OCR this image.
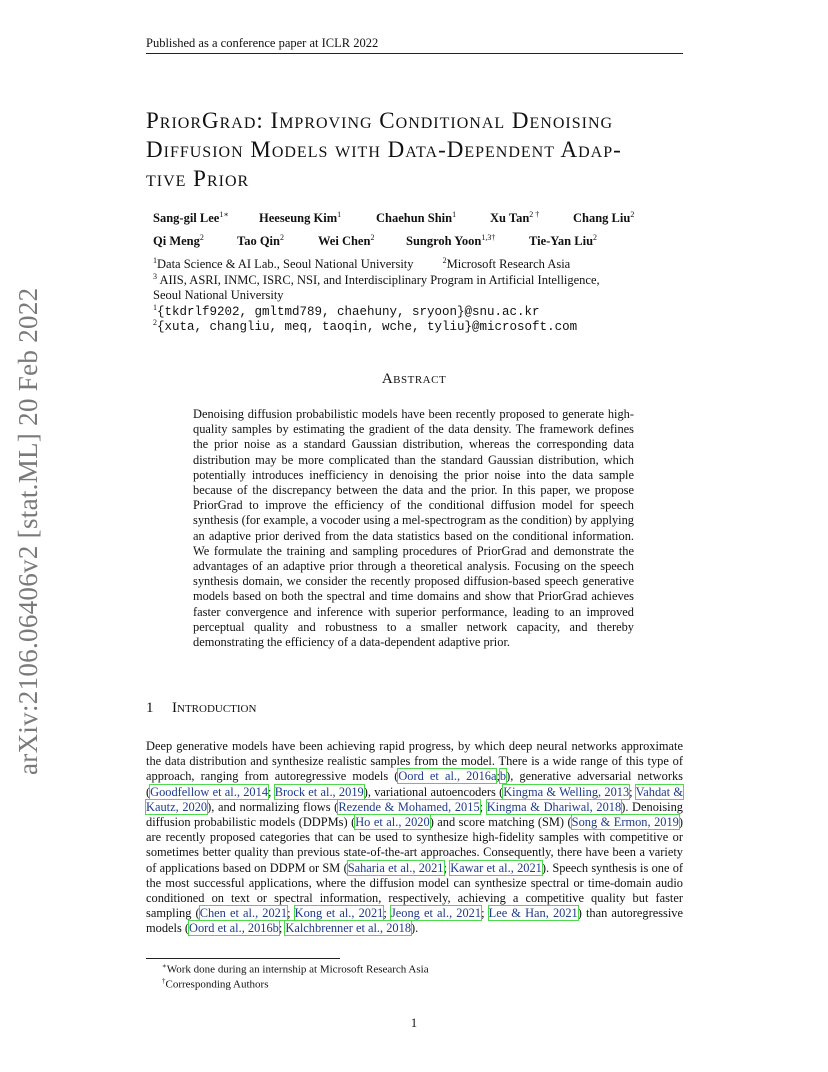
arXiv:2106.06406v2 [stat.ML] 20 Feb 2022
Published as a conference paper at ICLR 2022
PriorGrad: Improving Conditional Denoising
Diffusion Models with Data-Dependent Adap-
tive Prior
Sang-gil Lee$^{1∗}$ Heeseung Kim$^1$	Chaehun Shin$^1$	Xu Tan$^{2 \dagger}$	Chang Liu$^2$
Qi Meng$^2$	Tao Qin$^2$	Wei Chen$^2$	Sungroh Yoon$^{1,3\dagger}$	Tie-Yan Liu$^2$
$^1$Data Science & AI Lab., Seoul National University	$^2$Microsoft Research Asia
$^3$ AIIS, ASRI, INMC, ISRC, NSI, and Interdisciplinary Program in Artificial Intelligence,
Seoul National University
$^1${tkdrlf9202, gmltmd789, chaehuny, sryoon}@snu.ac.kr
$^2${xuta, changliu, meq, taoqin, wche, tyliu}@microsoft.com
Abstract
Denoising diffusion probabilistic models have been recently proposed to generate high-quality samples by estimating the gradient of the data density. The framework defines the prior noise as a standard Gaussian distribution, whereas the corresponding data distribution may be more complicated than the standard Gaussian distribution, which potentially introduces inefficiency in denoising the prior noise into the data sample because of the discrepancy between the data and the prior. In this paper, we propose PriorGrad to improve the efficiency of the conditional diffusion model for speech synthesis (for example, a vocoder using a mel-spectrogram as the condition) by applying an adaptive prior derived from the data statistics based on the conditional information. We formulate the training and sampling procedures of PriorGrad and demonstrate the advantages of an adaptive prior through a theoretical analysis. Focusing on the speech synthesis domain, we consider the recently proposed diffusion-based speech generative models based on both the spectral and time domains and show that PriorGrad achieves faster convergence and inference with superior performance, leading to an improved perceptual quality and robustness to a smaller network capacity, and thereby demonstrating the efficiency of a data-dependent adaptive prior.
1 Introduction
Deep generative models have been achieving rapid progress, by which deep neural networks approximate the data distribution and synthesize realistic samples from the model. There is a wide range of this type of approach, ranging from autoregressive models (Oord et al., 2016a;b), generative adversarial networks (Goodfellow et al., 2014; Brock et al., 2019), variational autoencoders (Kingma & Welling, 2013; Vahdat & Kautz, 2020), and normalizing flows (Rezende & Mohamed, 2015; Kingma & Dhariwal, 2018). Denoising diffusion probabilistic models (DDPMs) (Ho et al., 2020) and score matching (SM) (Song & Ermon, 2019) are recently proposed categories that can be used to synthesize high-fidelity samples with competitive or sometimes better quality than previous state-of-the-art approaches. Consequently, there have been a variety of applications based on DDPM or SM (Saharia et al., 2021; Kawar et al., 2021). Speech synthesis is one of the most successful applications, where the diffusion model can synthesize spectral or time-domain audio conditioned on text or spectral information, respectively, achieving a competitive quality but faster sampling (Chen et al., 2021; Kong et al., 2021; Jeong et al., 2021; Lee & Han, 2021) than autoregressive models (Oord et al., 2016b; Kalchbrenner et al., 2018).
∗Work done during an internship at Microsoft Research Asia
†Corresponding Authors
1
